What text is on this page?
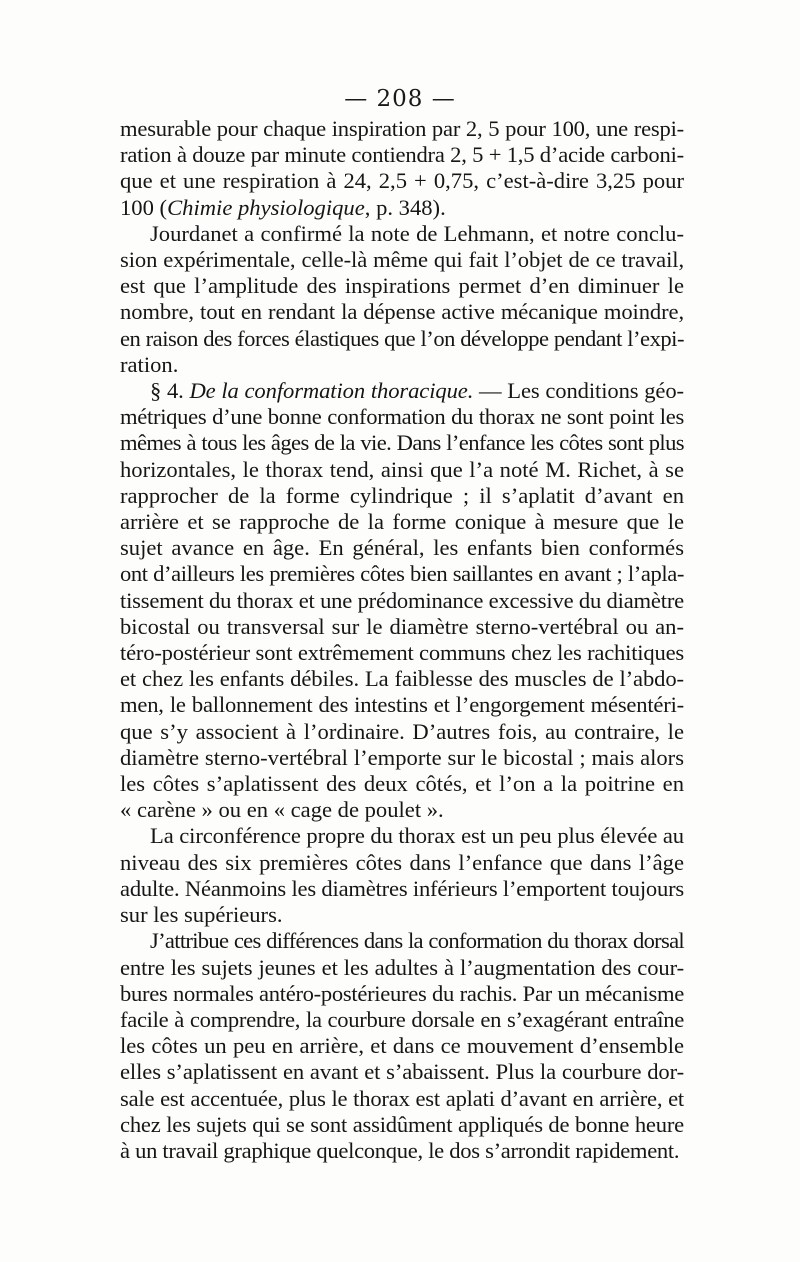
— 208 —
mesurable pour chaque inspiration par 2, 5 pour 100, une respi-
ration à douze par minute contiendra 2, 5 + 1,5 d’acide carboni-
que et une respiration à 24, 2,5 + 0,75, c’est-à-dire 3,25 pour
100 (Chimie physiologique, p. 348).
Jourdanet a confirmé la note de Lehmann, et notre conclu-
sion expérimentale, celle-là même qui fait l’objet de ce travail,
est que l’amplitude des inspirations permet d’en diminuer le
nombre, tout en rendant la dépense active mécanique moindre,
en raison des forces élastiques que l’on développe pendant l’expi-
ration.
§ 4. De la conformation thoracique. — Les conditions géo-
métriques d’une bonne conformation du thorax ne sont point les
mêmes à tous les âges de la vie. Dans l’enfance les côtes sont plus
horizontales, le thorax tend, ainsi que l’a noté M. Richet, à se
rapprocher de la forme cylindrique ; il s’aplatit d’avant en
arrière et se rapproche de la forme conique à mesure que le
sujet avance en âge. En général, les enfants bien conformés
ont d’ailleurs les premières côtes bien saillantes en avant ; l’apla-
tissement du thorax et une prédominance excessive du diamètre
bicostal ou transversal sur le diamètre sterno-vertébral ou an-
téro-postérieur sont extrêmement communs chez les rachitiques
et chez les enfants débiles. La faiblesse des muscles de l’abdo-
men, le ballonnement des intestins et l’engorgement mésentéri-
que s’y associent à l’ordinaire. D’autres fois, au contraire, le
diamètre sterno-vertébral l’emporte sur le bicostal ; mais alors
les côtes s’aplatissent des deux côtés, et l’on a la poitrine en
« carène » ou en « cage de poulet ».
La circonférence propre du thorax est un peu plus élevée au
niveau des six premières côtes dans l’enfance que dans l’âge
adulte. Néanmoins les diamètres inférieurs l’emportent toujours
sur les supérieurs.
J’attribue ces différences dans la conformation du thorax dorsal
entre les sujets jeunes et les adultes à l’augmentation des cour-
bures normales antéro-postérieures du rachis. Par un mécanisme
facile à comprendre, la courbure dorsale en s’exagérant entraîne
les côtes un peu en arrière, et dans ce mouvement d’ensemble
elles s’aplatissent en avant et s’abaissent. Plus la courbure dor-
sale est accentuée, plus le thorax est aplati d’avant en arrière, et
chez les sujets qui se sont assidûment appliqués de bonne heure
à un travail graphique quelconque, le dos s’arrondit rapidement.
